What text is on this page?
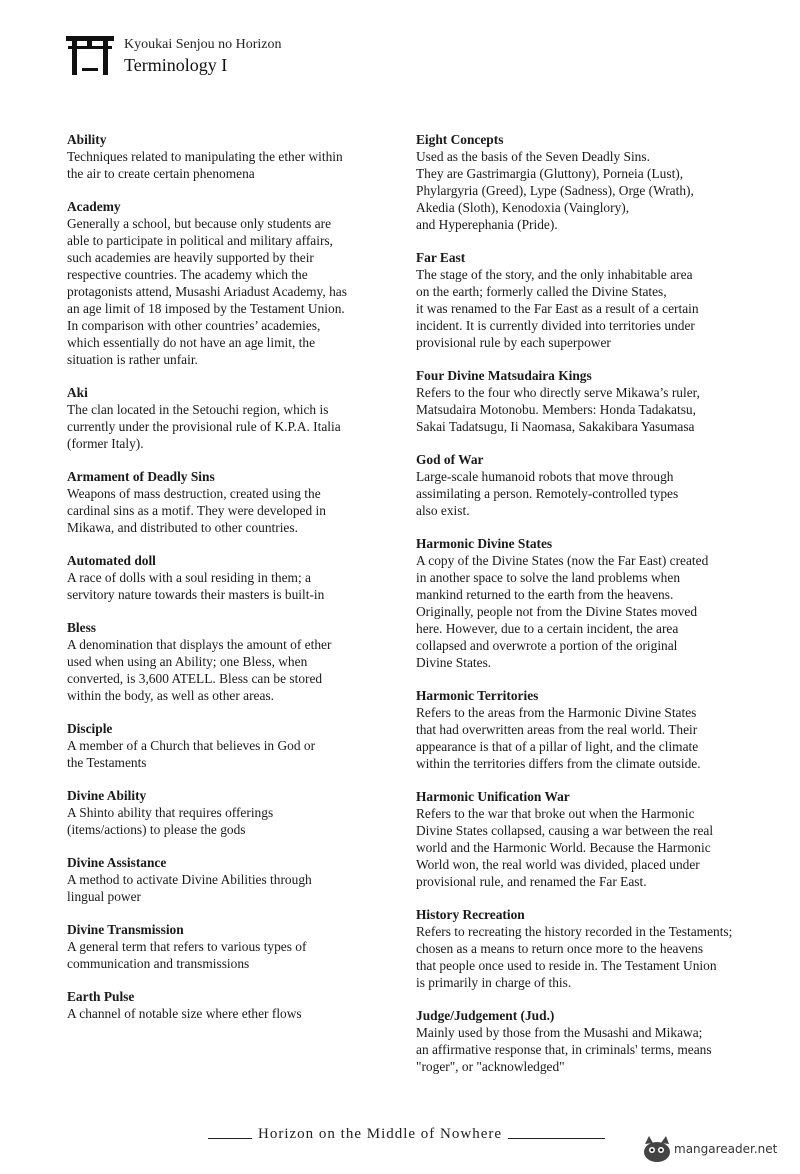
Kyoukai Senjou no Horizon
Terminology I
Ability
Techniques related to manipulating the ether within
the air to create certain phenomena
Academy
Generally a school, but because only students are
able to participate in political and military affairs,
such academies are heavily supported by their
respective countries. The academy which the
protagonists attend, Musashi Ariadust Academy, has
an age limit of 18 imposed by the Testament Union.
In comparison with other countries’ academies,
which essentially do not have an age limit, the
situation is rather unfair.
Aki
The clan located in the Setouchi region, which is
currently under the provisional rule of K.P.A. Italia
(former Italy).
Armament of Deadly Sins
Weapons of mass destruction, created using the
cardinal sins as a motif. They were developed in
Mikawa, and distributed to other countries.
Automated doll
A race of dolls with a soul residing in them; a
servitory nature towards their masters is built-in
Bless
A denomination that displays the amount of ether
used when using an Ability; one Bless, when
converted, is 3,600 ATELL. Bless can be stored
within the body, as well as other areas.
Disciple
A member of a Church that believes in God or
the Testaments
Divine Ability
A Shinto ability that requires offerings
(items/actions) to please the gods
Divine Assistance
A method to activate Divine Abilities through
lingual power
Divine Transmission
A general term that refers to various types of
communication and transmissions
Earth Pulse
A channel of notable size where ether flows
Eight Concepts
Used as the basis of the Seven Deadly Sins.
They are Gastrimargia (Gluttony), Porneia (Lust),
Phylargyria (Greed), Lype (Sadness), Orge (Wrath),
Akedia (Sloth), Kenodoxia (Vainglory),
and Hyperephania (Pride).
Far East
The stage of the story, and the only inhabitable area
on the earth; formerly called the Divine States,
it was renamed to the Far East as a result of a certain
incident. It is currently divided into territories under
provisional rule by each superpower
Four Divine Matsudaira Kings
Refers to the four who directly serve Mikawa’s ruler,
Matsudaira Motonobu. Members: Honda Tadakatsu,
Sakai Tadatsugu, Ii Naomasa, Sakakibara Yasumasa
God of War
Large-scale humanoid robots that move through
assimilating a person. Remotely-controlled types
also exist.
Harmonic Divine States
A copy of the Divine States (now the Far East) created
in another space to solve the land problems when
mankind returned to the earth from the heavens.
Originally, people not from the Divine States moved
here. However, due to a certain incident, the area
collapsed and overwrote a portion of the original
Divine States.
Harmonic Territories
Refers to the areas from the Harmonic Divine States
that had overwritten areas from the real world. Their
appearance is that of a pillar of light, and the climate
within the territories differs from the climate outside.
Harmonic Unification War
Refers to the war that broke out when the Harmonic
Divine States collapsed, causing a war between the real
world and the Harmonic World. Because the Harmonic
World won, the real world was divided, placed under
provisional rule, and renamed the Far East.
History Recreation
Refers to recreating the history recorded in the Testaments;
chosen as a means to return once more to the heavens
that people once used to reside in. The Testament Union
is primarily in charge of this.
Judge/Judgement (Jud.)
Mainly used by those from the Musashi and Mikawa;
an affirmative response that, in criminals' terms, means
"roger", or "acknowledged"
Horizon on the Middle of Nowhere
mangareader.net
